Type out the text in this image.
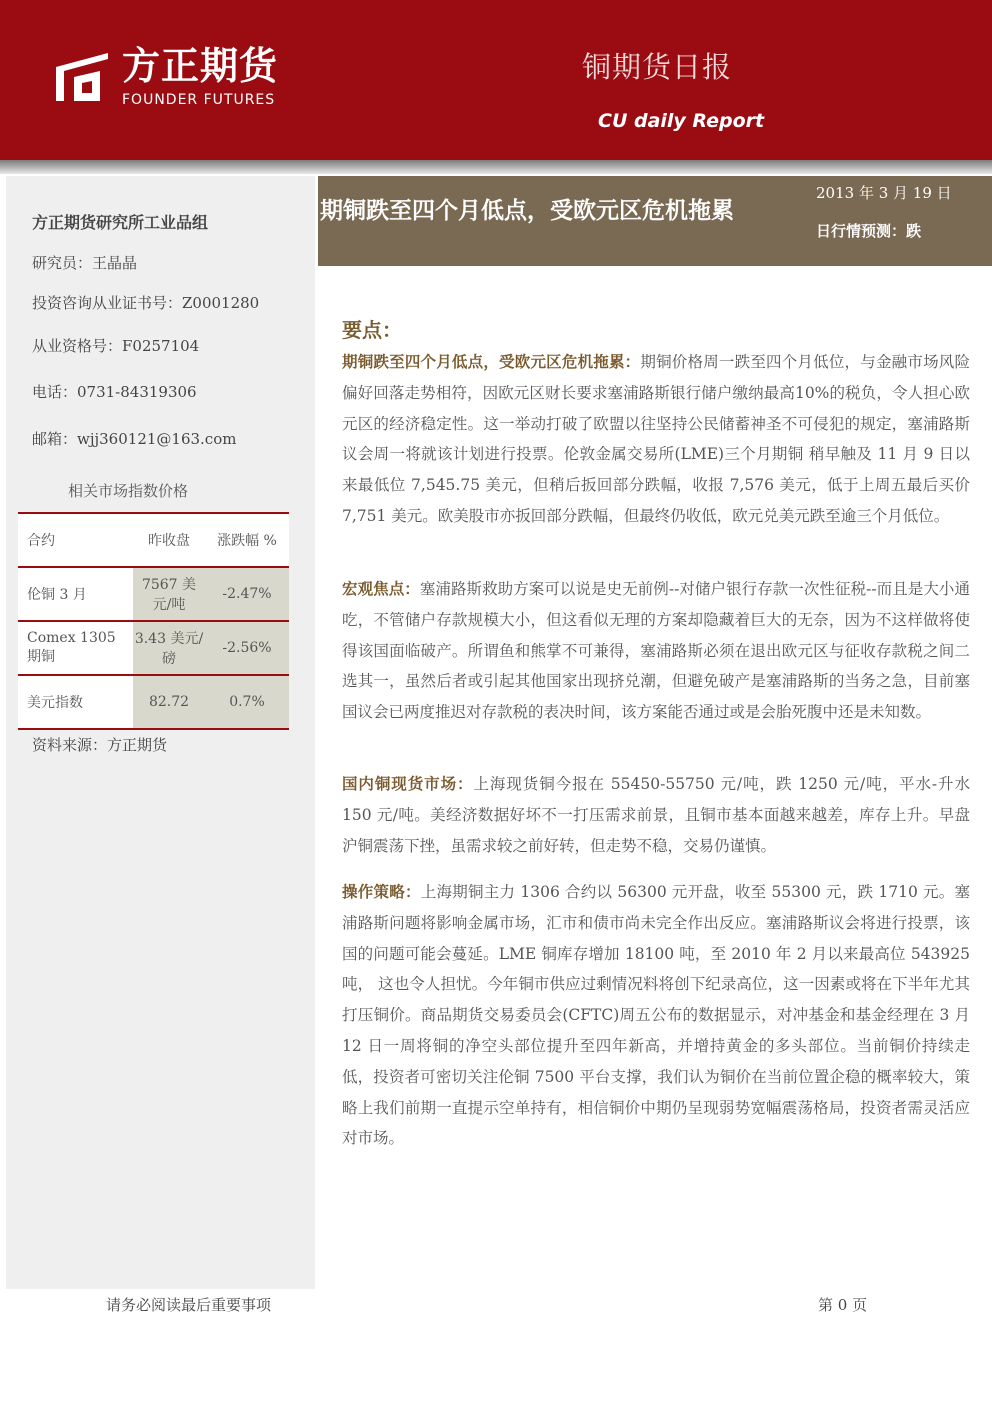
方正期货
FOUNDER FUTURES
铜期货日报
CU daily Report
方正期货研究所工业品组
研究员：王晶晶
投资咨询从业证书号：Z0001280
从业资格号：F0257104
电话：0731-84319306
邮箱：wjj360121@163.com
相关市场指数价格
合约	昨收盘	涨跌幅 %
伦铜 3 月	7567 美元/吨	-2.47%
Comex 1305 期铜	3.43 美元/磅	-2.56%
美元指数	82.72	0.7%
资料来源：方正期货
期铜跌至四个月低点，受欧元区危机拖累
2013 年 3 月 19 日
日行情预测：跌
要点：
期铜跌至四个月低点，受欧元区危机拖累：期铜价格周一跌至四个月低位，与金融市场风险偏好回落走势相符，因欧元区财长要求塞浦路斯银行储户缴纳最高10%的税负，令人担心欧元区的经济稳定性。这一举动打破了欧盟以往坚持公民储蓄神圣不可侵犯的规定，塞浦路斯议会周一将就该计划进行投票。伦敦金属交易所(LME)三个月期铜 稍早触及 11 月 9 日以来最低位 7,545.75 美元，但稍后扳回部分跌幅，收报 7,576 美元，低于上周五最后买价 7,751 美元。欧美股市亦扳回部分跌幅，但最终仍收低，欧元兑美元跌至逾三个月低位。
宏观焦点：塞浦路斯救助方案可以说是史无前例--对储户银行存款一次性征税--而且是大小通吃，不管储户存款规模大小，但这看似无理的方案却隐藏着巨大的无奈，因为不这样做将使得该国面临破产。所谓鱼和熊掌不可兼得，塞浦路斯必须在退出欧元区与征收存款税之间二选其一，虽然后者或引起其他国家出现挤兑潮，但避免破产是塞浦路斯的当务之急，目前塞国议会已两度推迟对存款税的表决时间，该方案能否通过或是会胎死腹中还是未知数。
国内铜现货市场：上海现货铜今报在 55450-55750 元/吨，跌 1250 元/吨，平水-升水 150 元/吨。美经济数据好坏不一打压需求前景，且铜市基本面越来越差，库存上升。早盘沪铜震荡下挫，虽需求较之前好转，但走势不稳，交易仍谨慎。
操作策略：上海期铜主力 1306 合约以 56300 元开盘，收至 55300 元，跌 1710 元。塞浦路斯问题将影响金属市场，汇市和债市尚未完全作出反应。塞浦路斯议会将进行投票，该国的问题可能会蔓延。LME 铜库存增加 18100 吨，至 2010 年 2 月以来最高位 543925 吨， 这也令人担忧。今年铜市供应过剩情况料将创下纪录高位，这一因素或将在下半年尤其打压铜价。商品期货交易委员会(CFTC)周五公布的数据显示，对冲基金和基金经理在 3 月 12 日一周将铜的净空头部位提升至四年新高，并增持黄金的多头部位。当前铜价持续走低，投资者可密切关注伦铜 7500 平台支撑，我们认为铜价在当前位置企稳的概率较大，策略上我们前期一直提示空单持有，相信铜价中期仍呈现弱势宽幅震荡格局，投资者需灵活应对市场。
请务必阅读最后重要事项	第 0 页
